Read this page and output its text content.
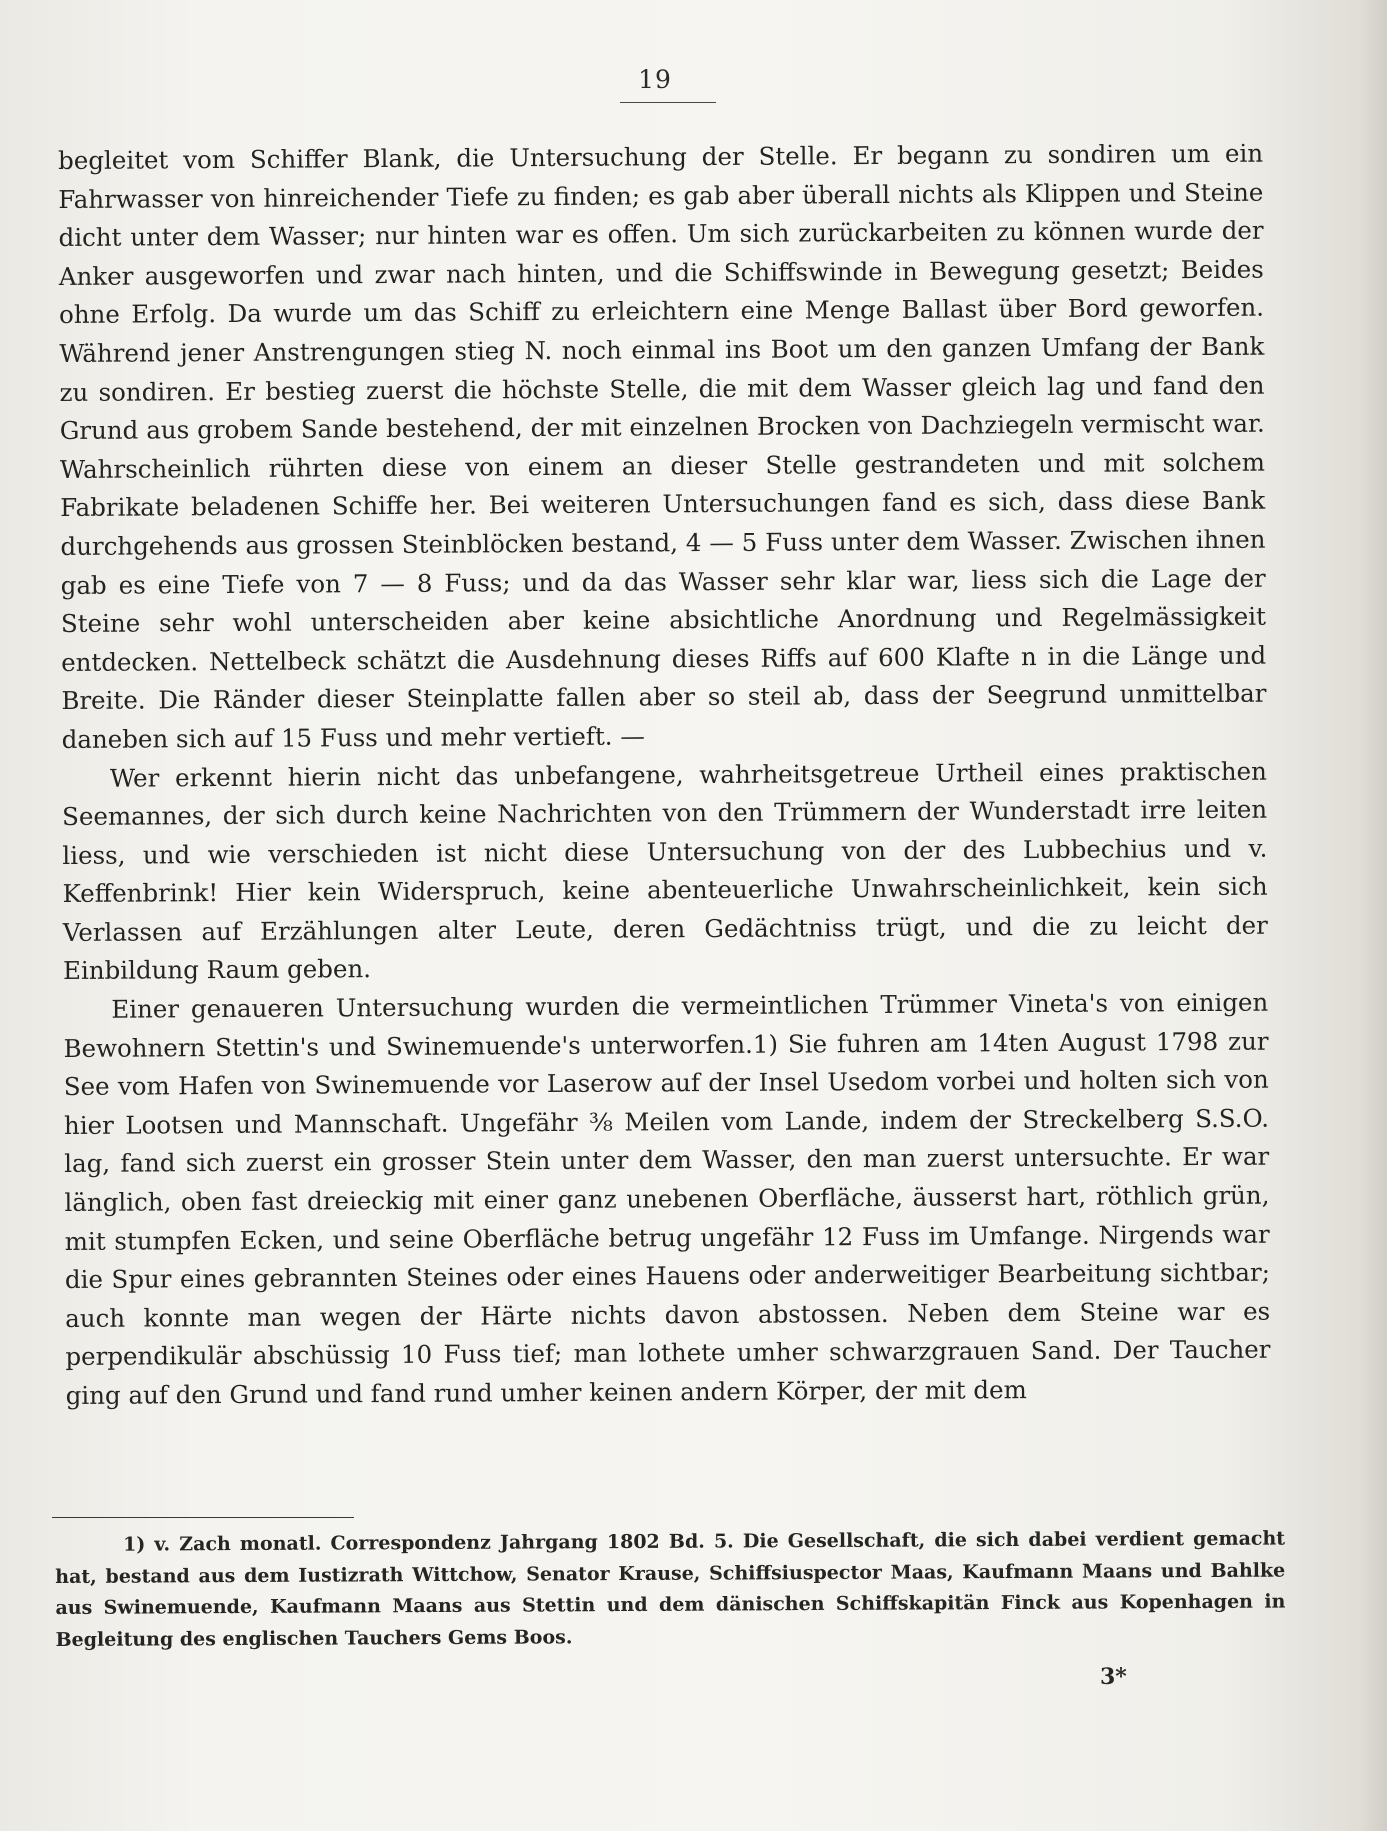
19

begleitet vom Schiffer Blank, die Untersuchung der Stelle. Er begann zu sondiren um ein Fahrwasser von hinreichender Tiefe zu finden; es gab aber überall nichts als Klippen und Steine dicht unter dem Wasser; nur hinten war es offen. Um sich zurückarbeiten zu können wurde der Anker ausgeworfen und zwar nach hinten, und die Schiffswinde in Bewegung gesetzt; Beides ohne Erfolg. Da wurde um das Schiff zu erleichtern eine Menge Ballast über Bord geworfen. Während jener Anstrengungen stieg N. noch einmal ins Boot um den ganzen Umfang der Bank zu sondiren. Er bestieg zuerst die höchste Stelle, die mit dem Wasser gleich lag und fand den Grund aus grobem Sande bestehend, der mit einzelnen Brocken von Dachziegeln vermischt war. Wahrscheinlich rührten diese von einem an dieser Stelle gestrandeten und mit solchem Fabrikate beladenen Schiffe her. Bei weiteren Untersuchungen fand es sich, dass diese Bank durchgehends aus grossen Steinblöcken bestand, 4 — 5 Fuss unter dem Wasser. Zwischen ihnen gab es eine Tiefe von 7 — 8 Fuss; und da das Wasser sehr klar war, liess sich die Lage der Steine sehr wohl unterscheiden aber keine absichtliche Anordnung und Regelmässigkeit entdecken. Nettelbeck schätzt die Ausdehnung dieses Riffs auf 600 Klafte n in die Länge und Breite. Die Ränder dieser Steinplatte fallen aber so steil ab, dass der Seegrund unmittelbar daneben sich auf 15 Fuss und mehr vertieft. —

Wer erkennt hierin nicht das unbefangene, wahrheitsgetreue Urtheil eines praktischen Seemannes, der sich durch keine Nachrichten von den Trümmern der Wunderstadt irre leiten liess, und wie verschieden ist nicht diese Untersuchung von der des Lubbechius und v. Keffenbrink! Hier kein Widerspruch, keine abenteuerliche Unwahrscheinlichkeit, kein sich Verlassen auf Erzählungen alter Leute, deren Gedächtniss trügt, und die zu leicht der Einbildung Raum geben.

Einer genaueren Untersuchung wurden die vermeintlichen Trümmer Vineta's von einigen Bewohnern Stettin's und Swinemuende's unterworfen.1) Sie fuhren am 14ten August 1798 zur See vom Hafen von Swinemuende vor Laserow auf der Insel Usedom vorbei und holten sich von hier Lootsen und Mannschaft. Ungefähr ⅜ Meilen vom Lande, indem der Streckelberg S.S.O. lag, fand sich zuerst ein grosser Stein unter dem Wasser, den man zuerst untersuchte. Er war länglich, oben fast dreieckig mit einer ganz unebenen Oberfläche, äusserst hart, röthlich grün, mit stumpfen Ecken, und seine Oberfläche betrug ungefähr 12 Fuss im Umfange. Nirgends war die Spur eines gebrannten Steines oder eines Hauens oder anderweitiger Bearbeitung sichtbar; auch konnte man wegen der Härte nichts davon abstossen. Neben dem Steine war es perpendikulär abschüssig 10 Fuss tief; man lothete umher schwarzgrauen Sand. Der Taucher ging auf den Grund und fand rund umher keinen andern Körper, der mit dem

1) v. Zach monatl. Correspondenz Jahrgang 1802 Bd. 5. Die Gesellschaft, die sich dabei verdient gemacht hat, bestand aus dem Iustizrath Wittchow, Senator Krause, Schiffsiuspector Maas, Kaufmann Maans und Bahlke aus Swinemuende, Kaufmann Maans aus Stettin und dem dänischen Schiffskapitän Finck aus Kopenhagen in Begleitung des englischen Tauchers Gems Boos.

3*
